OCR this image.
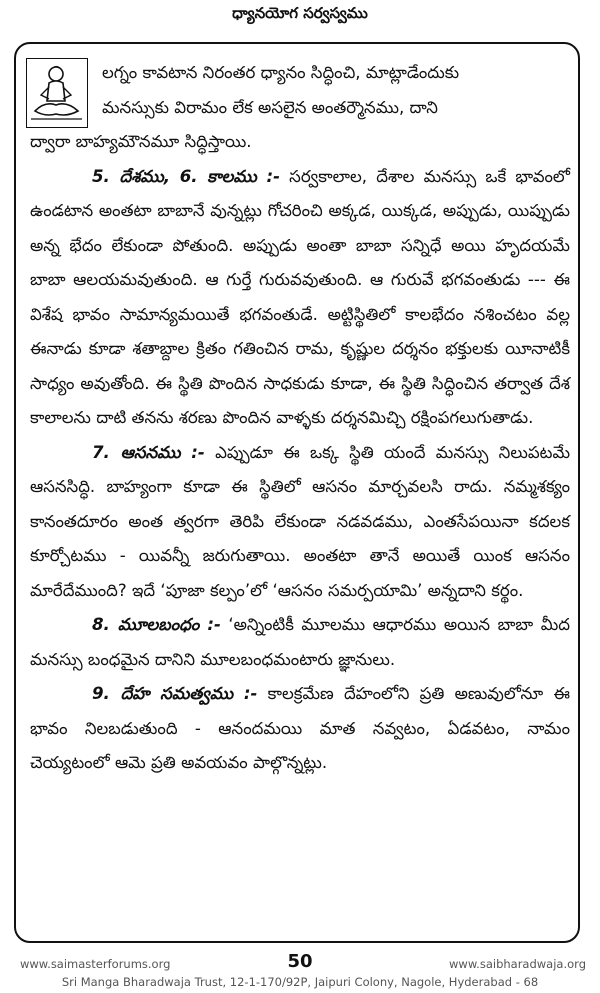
ధ్యానయోగ సర్వస్వము

లగ్నం కావటాన నిరంతర ధ్యానం సిద్ధించి, మాట్లాడేందుకు

మనస్సుకు విరామం లేక అసలైన అంతర్మౌనము, దాని

ద్వారా బాహ్యమౌనమూ సిద్ధిస్తాయి.

5. దేశము, 6. కాలము :- సర్వకాలాల, దేశాల మనస్సు ఒకే భావంలో ఉండటాన అంతటా బాబానే వున్నట్లు గోచరించి అక్కడ, యిక్కడ, అప్పుడు, యిప్పుడు అన్న భేదం లేకుండా పోతుంది. అప్పుడు అంతా బాబా సన్నిధే అయి హృదయమే బాబా ఆలయమవుతుంది. ఆ గుర్తే గురువవుతుంది. ఆ గురువే భగవంతుడు --- ఈ విశేష భావం సామాన్యమయితే భగవంతుడే. అట్టిస్థితిలో కాలభేదం నశించటం వల్ల ఈనాడు కూడా శతాబ్దాల క్రితం గతించిన రామ, కృష్ణుల దర్శనం భక్తులకు యీనాటికీ సాధ్యం అవుతోంది. ఈ స్థితి పొందిన సాధకుడు కూడా, ఈ స్థితి సిద్ధించిన తర్వాత దేశ కాలాలను దాటి తనను శరణు పొందిన వాళ్ళకు దర్శనమిచ్చి రక్షింపగలుగుతాడు.

7. ఆసనము :- ఎప్పుడూ ఈ ఒక్క స్థితి యందే మనస్సు నిలుపటమే ఆసనసిద్ధి. బాహ్యంగా కూడా ఈ స్థితిలో ఆసనం మార్చవలసి రాదు. నమ్మశక్యం కానంతదూరం అంత త్వరగా తెరిపి లేకుండా నడవడము, ఎంతసేపయినా కదలక కూర్చోటము - యివన్నీ జరుగుతాయి. అంతటా తానే అయితే యింక ఆసనం మారేదేముంది? ఇదే ‘పూజా కల్పం’లో ‘ఆసనం సమర్పయామి’ అన్నదాని కర్థం.

8. మూలబంధం :- ‘అన్నింటికీ మూలము ఆధారము అయిన బాబా మీద మనస్సు బంధమైన దానిని మూలబంధమంటారు జ్ఞానులు.

9. దేహ సమత్వము :- కాలక్రమేణ దేహంలోని ప్రతి అణువులోనూ ఈ భావం నిలబడుతుంది - ఆనందమయి మాత నవ్వటం, ఏడవటం, నామం చెయ్యటంలో ఆమె ప్రతి అవయవం పాల్గొన్నట్లు.

50
www.saimasterforums.org	www.saibharadwaja.org
Sri Manga Bharadwaja Trust, 12-1-170/92P, Jaipuri Colony, Nagole, Hyderabad - 68
